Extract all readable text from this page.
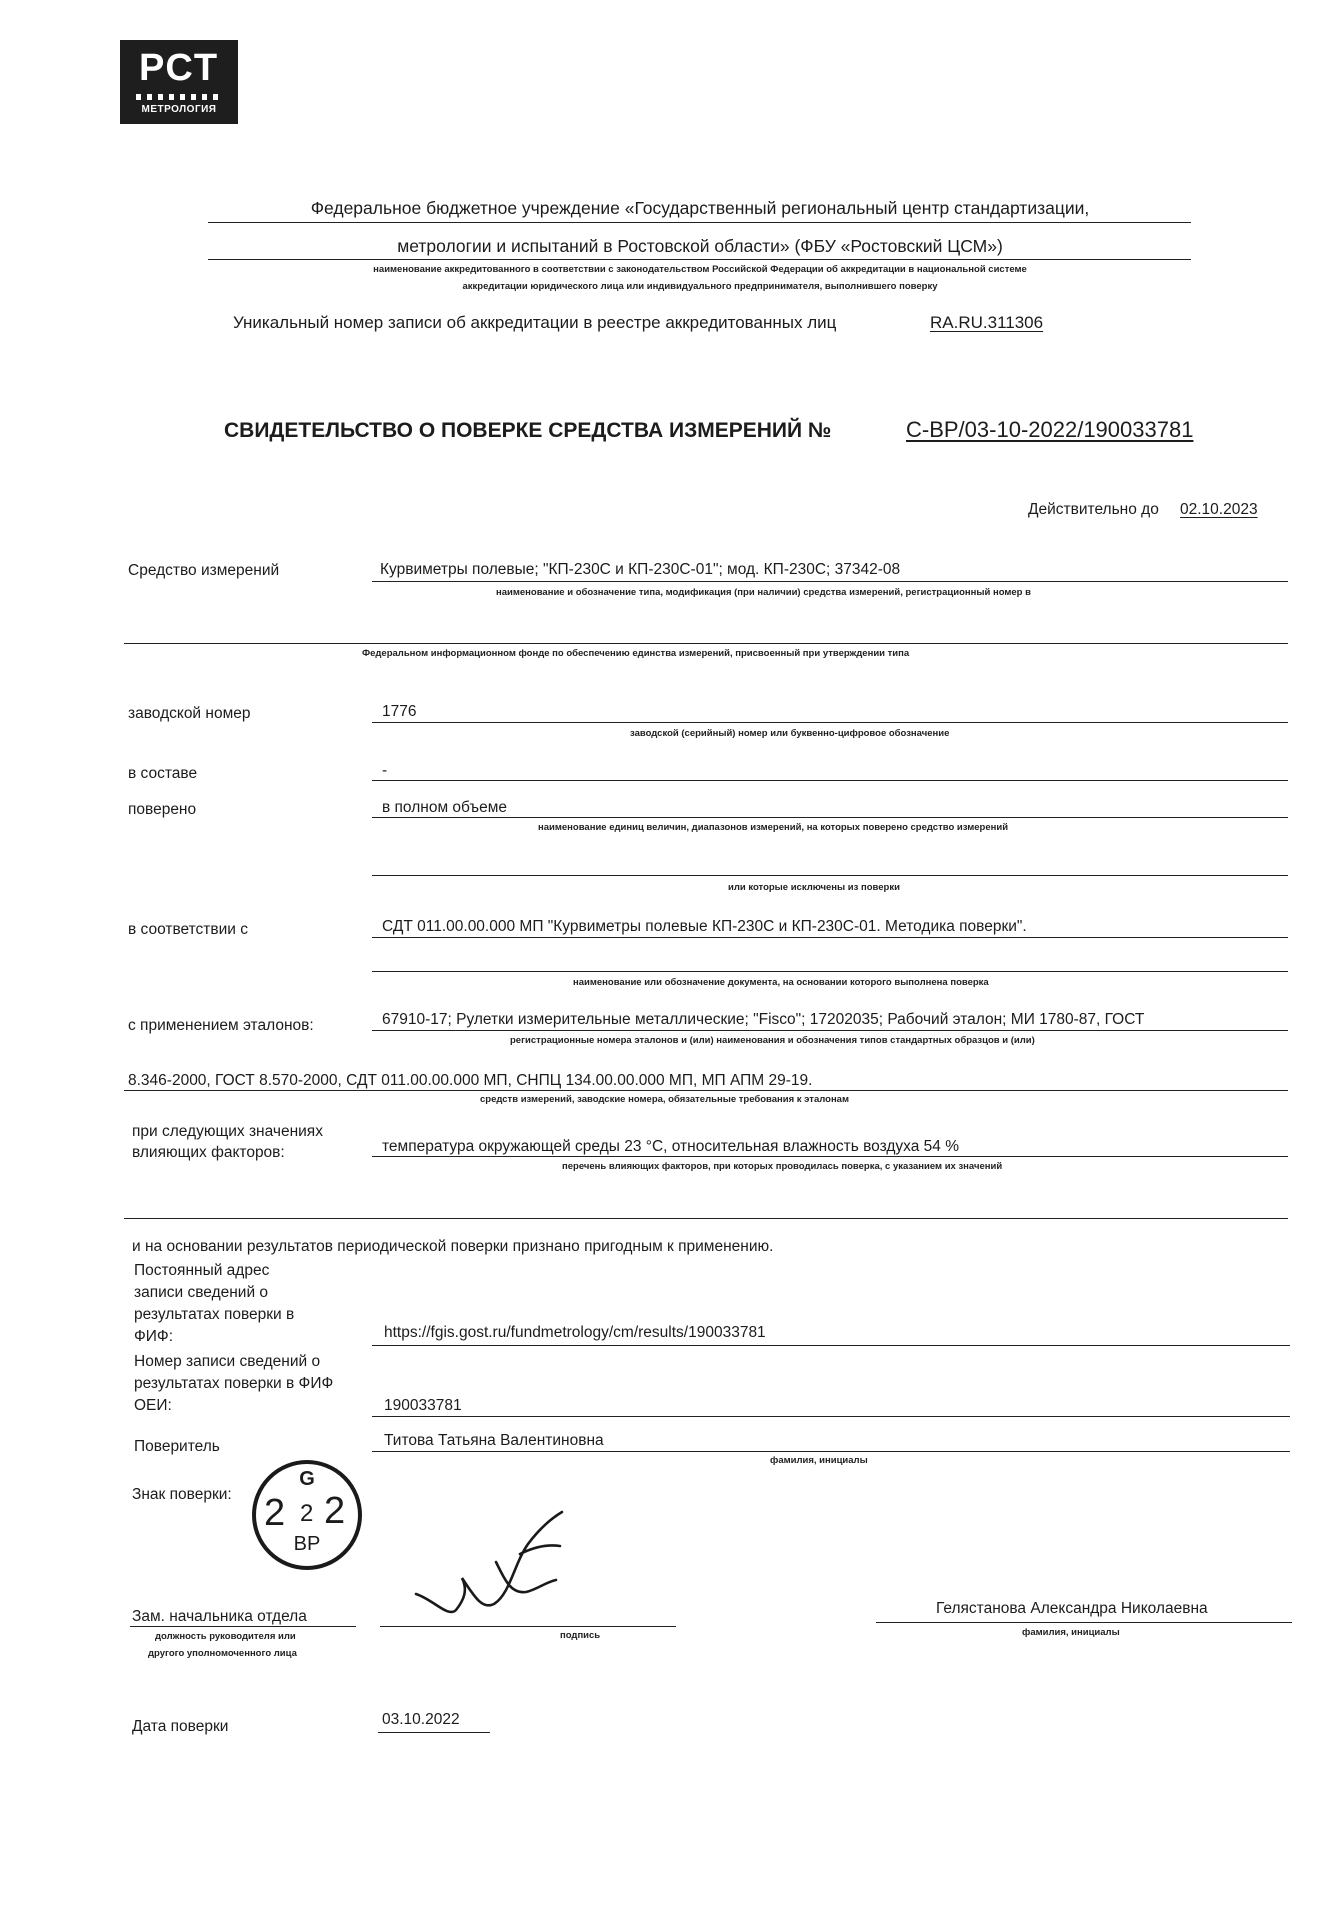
РСТ
МЕТРОЛОГИЯ
Федеральное бюджетное учреждение «Государственный региональный центр стандартизации,
метрологии и испытаний в Ростовской области» (ФБУ «Ростовский ЦСМ»)
наименование аккредитованного в соответствии с законодательством Российской Федерации об аккредитации в национальной системе
аккредитации юридического лица или индивидуального предпринимателя, выполнившего поверку
Уникальный номер записи об аккредитации в реестре аккредитованных лиц	RA.RU.311306
СВИДЕТЕЛЬСТВО О ПОВЕРКЕ СРЕДСТВА ИЗМЕРЕНИЙ №	С-ВР/03-10-2022/190033781
Действительно до 02.10.2023
Средство измерений	Курвиметры полевые; "КП-230С и КП-230С-01"; мод. КП-230С; 37342-08
наименование и обозначение типа, модификация (при наличии) средства измерений, регистрационный номер в
Федеральном информационном фонде по обеспечению единства измерений, присвоенный при утверждении типа
заводской номер	1776
заводской (серийный) номер или буквенно-цифровое обозначение
в составе	-
поверено	в полном объеме
наименование единиц величин, диапазонов измерений, на которых поверено средство измерений
или которые исключены из поверки
в соответствии с	СДТ 011.00.00.000 МП "Курвиметры полевые КП-230С и КП-230С-01. Методика поверки".
наименование или обозначение документа, на основании которого выполнена поверка
с применением эталонов:	67910-17; Рулетки измерительные металлические; "Fisco"; 17202035; Рабочий эталон; МИ 1780-87, ГОСТ
регистрационные номера эталонов и (или) наименования и обозначения типов стандартных образцов и (или)
8.346-2000, ГОСТ 8.570-2000, СДТ 011.00.00.000 МП, СНПЦ 134.00.00.000 МП, МП АПМ 29-19.
средств измерений, заводские номера, обязательные требования к эталонам
при следующих значениях
влияющих факторов:	температура окружающей среды 23 °С, относительная влажность воздуха 54 %
перечень влияющих факторов, при которых проводилась поверка, с указанием их значений
и на основании результатов периодической поверки признано пригодным к применению.
Постоянный адрес
записи сведений о
результатах поверки в
ФИФ:	https://fgis.gost.ru/fundmetrology/cm/results/190033781
Номер записи сведений о
результатах поверки в ФИФ
ОЕИ:	190033781
Поверитель	Титова Татьяна Валентиновна
фамилия, инициалы
Знак поверки:
G
2 2 2
ВР
Зам. начальника отдела
должность руководителя или
другого уполномоченного лица
подпись
Гелястанова Александра Николаевна
фамилия, инициалы
Дата поверки	03.10.2022
